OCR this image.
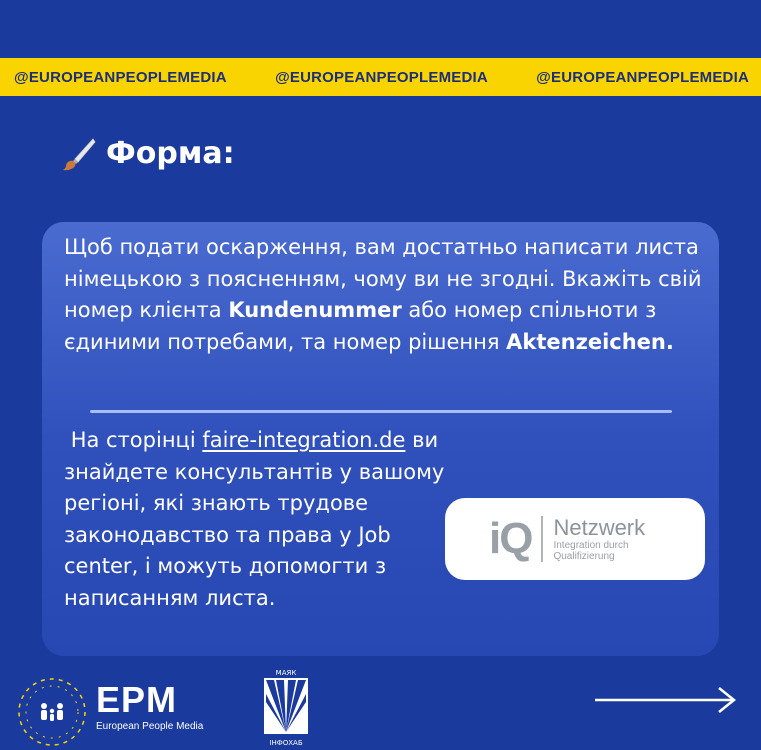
@EUROPEANPEOPLEMEDIA	@EUROPEANPEOPLEMEDIA	@EUROPEANPEOPLEMEDIA
Форма:

Щоб подати оскарження, вам достатньо написати листа німецькою з поясненням, чому ви не згодні. Вкажіть свій номер клієнта Kundenummer або номер спільноти з єдиними потребами, та номер рішення Aktenzeichen.

На сторінці faire-integration.de ви знайдете консультантів у вашому регіоні, які знають трудове законодавство та права у Job center, і можуть допомогти з написанням листа.

iQ Netzwerk
Integration durch
Qualifizierung
EPM
European People Media
МАЯК
ІНФОХАБ
